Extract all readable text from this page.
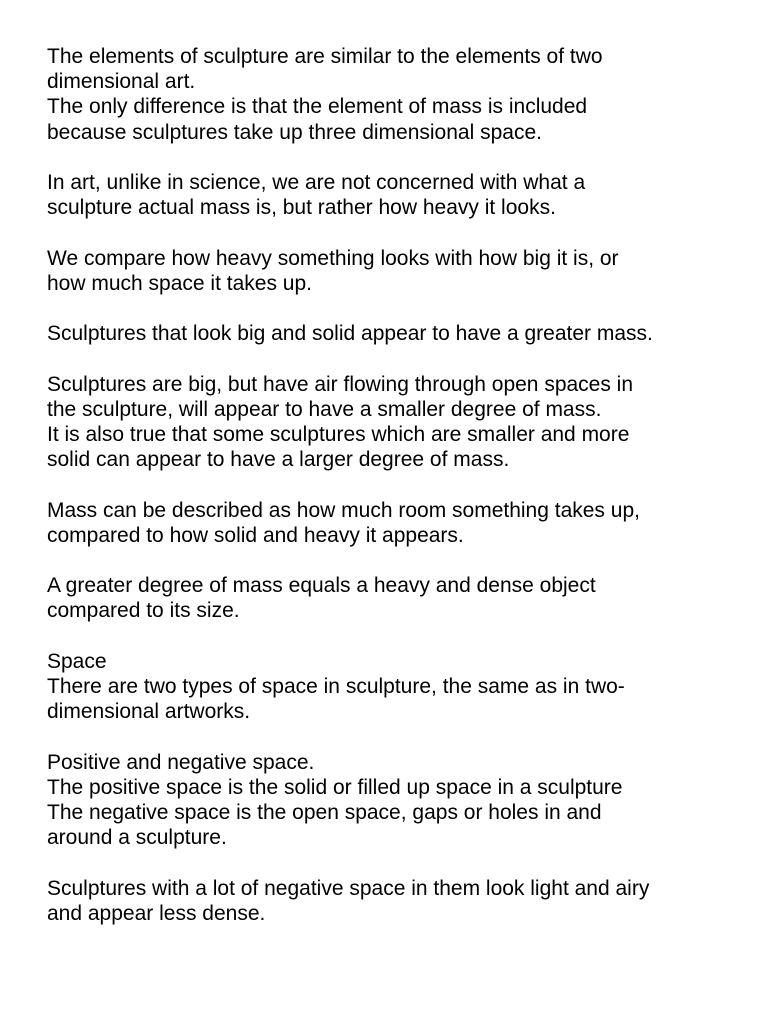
The elements of sculpture are similar to the elements of two
dimensional art.
The only difference is that the element of mass is included
because sculptures take up three dimensional space.
In art, unlike in science, we are not concerned with what a
sculpture actual mass is, but rather how heavy it looks.
We compare how heavy something looks with how big it is, or
how much space it takes up.
Sculptures that look big and solid appear to have a greater mass.
Sculptures are big, but have air flowing through open spaces in
the sculpture, will appear to have a smaller degree of mass.
It is also true that some sculptures which are smaller and more
solid can appear to have a larger degree of mass.
Mass can be described as how much room something takes up,
compared to how solid and heavy it appears.
A greater degree of mass equals a heavy and dense object
compared to its size.
Space
There are two types of space in sculpture, the same as in two-
dimensional artworks.
Positive and negative space.
The positive space is the solid or filled up space in a sculpture
The negative space is the open space, gaps or holes in and
around a sculpture.
Sculptures with a lot of negative space in them look light and airy
and appear less dense.
